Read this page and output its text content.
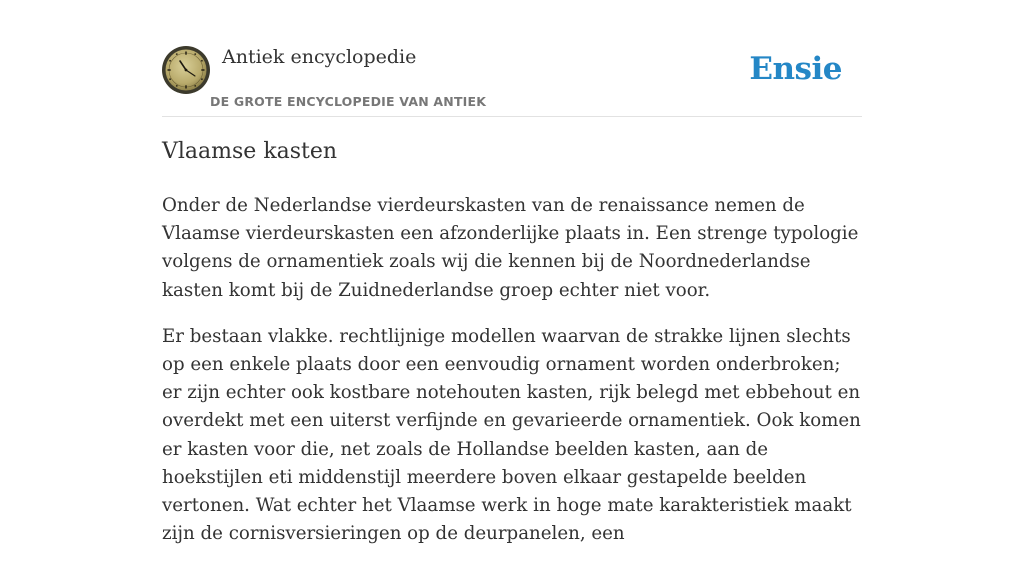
Antiek encyclopedie
DE GROTE ENCYCLOPEDIE VAN ANTIEK
Ensie
Vlaamse kasten

Onder de Nederlandse vierdeurskasten van de renaissance nemen de Vlaamse vierdeurskasten een afzonderlijke plaats in. Een strenge typologie volgens de ornamentiek zoals wij die kennen bij de Noordnederlandse kasten komt bij de Zuidnederlandse groep echter niet voor.

Er bestaan vlakke. rechtlijnige modellen waarvan de strakke lijnen slechts op een enkele plaats door een eenvoudig ornament worden onderbroken; er zijn echter ook kostbare notehouten kasten, rijk belegd met ebbehout en overdekt met een uiterst verfijnde en gevarieerde ornamentiek. Ook komen er kasten voor die, net zoals de Hollandse beelden kasten, aan de hoekstijlen eti middenstijl meerdere boven elkaar gestapelde beelden vertonen. Wat echter het Vlaamse werk in hoge mate karakteristiek maakt zijn de cornisversieringen op de deurpanelen, een
